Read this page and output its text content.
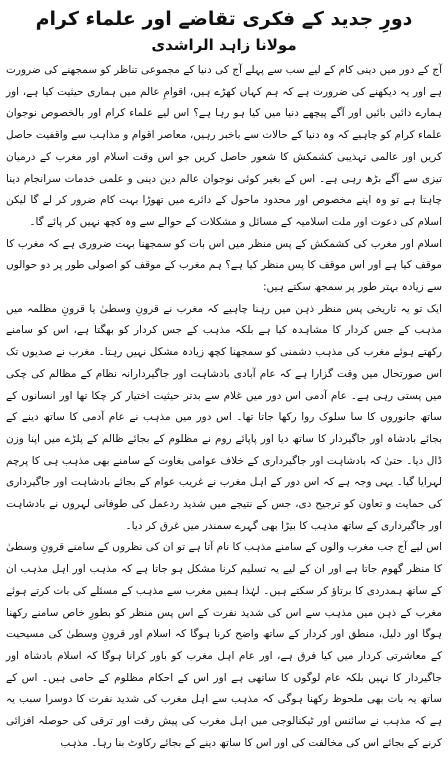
دورِ جدید کے فکری تقاضے اور علماء کرام
مولانا زاہد الراشدی

آج کے دور میں دینی کام کے لیے سب سے پہلے آج کی دنیا کے مجموعی تناظر کو سمجھنے کی ضرورت ہے اور یہ دیکھنے کی ضرورت ہے کہ ہم کہاں کھڑے ہیں، اقوامِ عالم میں ہماری حیثیت کیا ہے، اور ہمارے دائیں بائیں اور آگے پیچھے دنیا میں کیا ہو رہا ہے؟ اس لیے علماء کرام اور بالخصوص نوجوان علماء کرام کو چاہیے کہ وہ دنیا کے حالات سے باخبر رہیں، معاصر اقوام و مذاہب سے واقفیت حاصل کریں اور عالمی تہذیبی کشمکش کا شعور حاصل کریں جو اس وقت اسلام اور مغرب کے درمیان تیزی سے آگے بڑھ رہی ہے۔ اس کے بغیر کوئی نوجوان عالم دین دینی و علمی خدمات سرانجام دینا چاہتا ہے تو وہ اپنے مخصوص اور محدود ماحول کے دائرے میں تھوڑا بہت کام ضرور کر لے گا لیکن اسلام کی دعوت اور ملت اسلامیہ کے مسائل و مشکلات کے حوالے سے وہ کچھ نہیں کر پائے گا۔

اسلام اور مغرب کی کشمکش کے پس منظر میں اس بات کو سمجھنا بہت ضروری ہے کہ مغرب کا موقف کیا ہے اور اس موقف کا پس منظر کیا ہے؟ ہم مغرب کے موقف کو اصولی طور پر دو حوالوں سے زیادہ بہتر طور پر سمجھ سکتے ہیں:

ایک تو یہ تاریخی پس منظر ذہن میں رہنا چاہیے کہ مغرب نے قرونِ وسطیٰ یا قرونِ مظلمہ میں مذہب کے جس کردار کا مشاہدہ کیا ہے بلکہ مذہب کے جس کردار کو بھگتا ہے، اس کو سامنے رکھتے ہوئے مغرب کی مذہب دشمنی کو سمجھنا کچھ زیادہ مشکل نہیں رہتا۔ مغرب نے صدیوں تک اس صورتحال میں وقت گزارا ہے کہ عام آبادی بادشاہت اور جاگیردارانہ نظام کے مظالم کی چکی میں پستی رہی ہے۔ عام آدمی اس دور میں غلام سے بدتر حیثیت اختیار کر چکا تھا اور انسانوں کے ساتھ جانوروں کا سا سلوک روا رکھا جاتا تھا۔ اس دور میں مذہب نے عام آدمی کا ساتھ دینے کے بجائے بادشاہ اور جاگیردار کا ساتھ دیا اور پاپائے روم نے مظلوم کے بجائے ظالم کے پلڑے میں اپنا وزن ڈال دیا۔ حتیٰ کہ بادشاہت اور جاگیرداری کے خلاف عوامی بغاوت کے سامنے بھی مذہب ہی کا پرچم لہرایا گیا۔ یہی وجہ ہے کہ اس دور کے اہل مغرب نے غریب عوام کے بجائے بادشاہت اور جاگیرداری کی حمایت و تعاون کو ترجیح دی، جس کے نتیجے میں شدید ردعمل کی طوفانی لہروں نے بادشاہت اور جاگیرداری کے ساتھ مذہب کا بیڑا بھی گہرے سمندر میں غرق کر دیا۔

اس لیے آج جب مغرب والوں کے سامنے مذہب کا نام آتا ہے تو ان کی نظروں کے سامنے قرونِ وسطیٰ کا منظر گھوم جاتا ہے اور ان کے لیے یہ تسلیم کرنا مشکل ہو جاتا ہے کہ مذہب اور اہل مذہب ان کے ساتھ ہمدردی کا برتاؤ کر سکتے ہیں۔ لہٰذا ہمیں مغرب سے مذہب کے مسئلے کی بات کرتے ہوئے مغرب کے ذہن میں مذہب سے اس کی شدید نفرت کے اس پس منظر کو بطورِ خاص سامنے رکھنا ہوگا اور دلیل، منطق اور کردار کے ساتھ واضح کرنا ہوگا کہ اسلام اور قرونِ وسطیٰ کی مسیحیت کے معاشرتی کردار میں کیا فرق ہے، اور عام اہل مغرب کو باور کرانا ہوگا کہ اسلام بادشاہ اور جاگیردار کا نہیں بلکہ عام لوگوں کا ساتھی ہے اور اس کے احکام مظلوم کے حامی ہیں۔ اس کے ساتھ یہ بات بھی ملحوظ رکھنا ہوگی کہ مذہب سے اہل مغرب کی شدید نفرت کا دوسرا سبب یہ ہے کہ مذہب نے سائنس اور ٹیکنالوجی میں اہل مغرب کی پیش رفت اور ترقی کی حوصلہ افزائی کرنے کے بجائے اس کی مخالفت کی اور اس کا ساتھ دینے کے بجائے رکاوٹ بنا رہا۔ مذہب
